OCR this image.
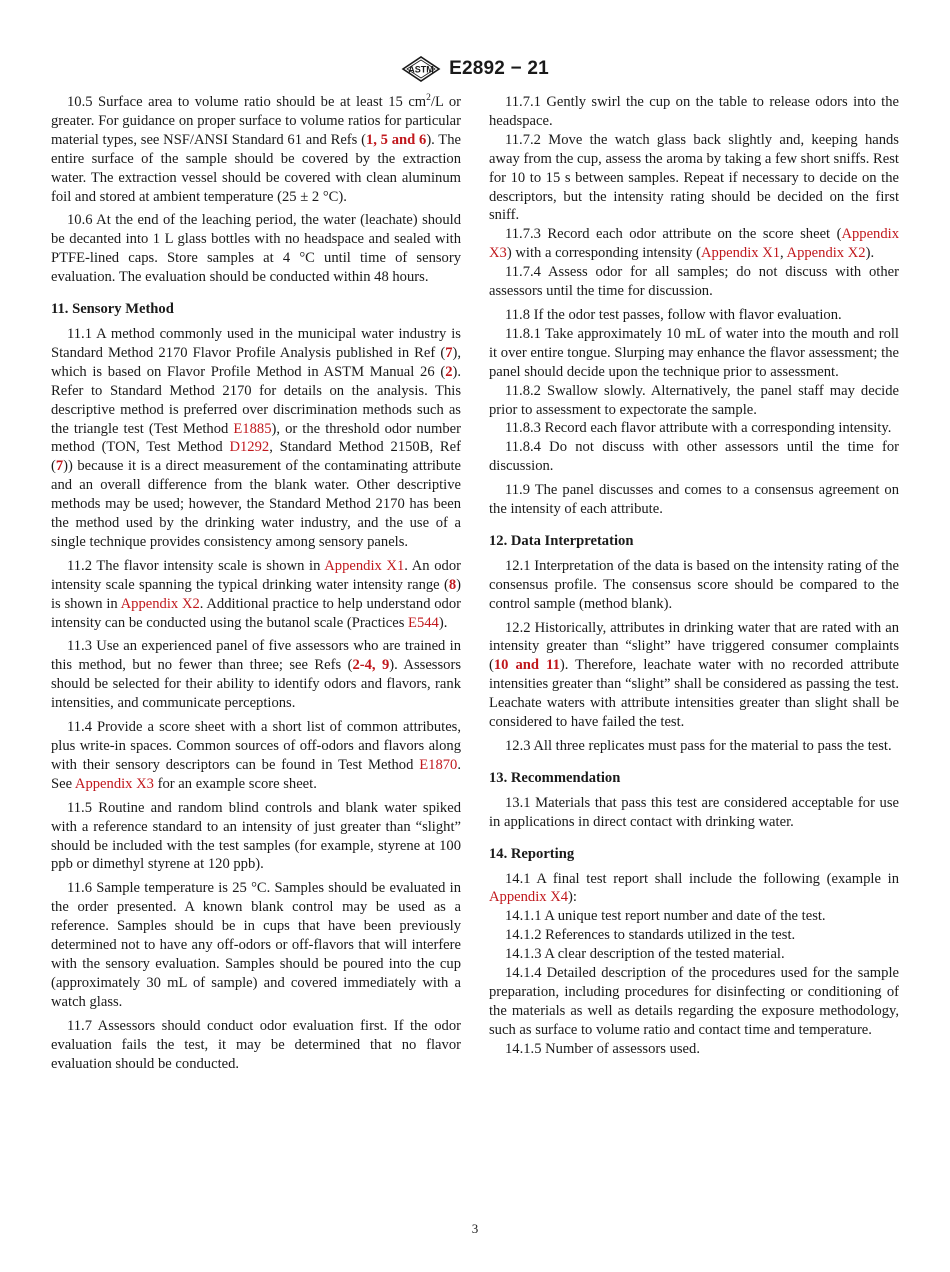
ASTM E2892 − 21

10.5 Surface area to volume ratio should be at least 15 $cm^2/L$ or greater. For guidance on proper surface to volume ratios for particular material types, see NSF/ANSI Standard 61 and Refs (1, 5 and 6). The entire surface of the sample should be covered by the extraction water. The extraction vessel should be covered with clean aluminum foil and stored at ambient temperature (25 ± 2 °C).

10.6 At the end of the leaching period, the water (leachate) should be decanted into 1 L glass bottles with no headspace and sealed with PTFE-lined caps. Store samples at 4 °C until time of sensory evaluation. The evaluation should be conducted within 48 hours.

11. Sensory Method

11.1 A method commonly used in the municipal water industry is Standard Method 2170 Flavor Profile Analysis published in Ref (7), which is based on Flavor Profile Method in ASTM Manual 26 (2). Refer to Standard Method 2170 for details on the analysis. This descriptive method is preferred over discrimination methods such as the triangle test (Test Method E1885), or the threshold odor number method (TON, Test Method D1292, Standard Method 2150B, Ref (7)) because it is a direct measurement of the contaminating attribute and an overall difference from the blank water. Other descriptive methods may be used; however, the Standard Method 2170 has been the method used by the drinking water industry, and the use of a single technique provides consistency among sensory panels.

11.2 The flavor intensity scale is shown in Appendix X1. An odor intensity scale spanning the typical drinking water intensity range (8) is shown in Appendix X2. Additional practice to help understand odor intensity can be conducted using the butanol scale (Practices E544).

11.3 Use an experienced panel of five assessors who are trained in this method, but no fewer than three; see Refs (2-4, 9). Assessors should be selected for their ability to identify odors and flavors, rank intensities, and communicate perceptions.

11.4 Provide a score sheet with a short list of common attributes, plus write-in spaces. Common sources of off-odors and flavors along with their sensory descriptors can be found in Test Method E1870. See Appendix X3 for an example score sheet.

11.5 Routine and random blind controls and blank water spiked with a reference standard to an intensity of just greater than “slight” should be included with the test samples (for example, styrene at 100 ppb or dimethyl styrene at 120 ppb).

11.6 Sample temperature is 25 °C. Samples should be evaluated in the order presented. A known blank control may be used as a reference. Samples should be in cups that have been previously determined not to have any off-odors or off-flavors that will interfere with the sensory evaluation. Samples should be poured into the cup (approximately 30 mL of sample) and covered immediately with a watch glass.

11.7 Assessors should conduct odor evaluation first. If the odor evaluation fails the test, it may be determined that no flavor evaluation should be conducted.

11.7.1 Gently swirl the cup on the table to release odors into the headspace.

11.7.2 Move the watch glass back slightly and, keeping hands away from the cup, assess the aroma by taking a few short sniffs. Rest for 10 to 15 s between samples. Repeat if necessary to decide on the descriptors, but the intensity rating should be decided on the first sniff.

11.7.3 Record each odor attribute on the score sheet (Appendix X3) with a corresponding intensity (Appendix X1, Appendix X2).

11.7.4 Assess odor for all samples; do not discuss with other assessors until the time for discussion.

11.8 If the odor test passes, follow with flavor evaluation.

11.8.1 Take approximately 10 mL of water into the mouth and roll it over entire tongue. Slurping may enhance the flavor assessment; the panel should decide upon the technique prior to assessment.

11.8.2 Swallow slowly. Alternatively, the panel staff may decide prior to assessment to expectorate the sample.

11.8.3 Record each flavor attribute with a corresponding intensity.

11.8.4 Do not discuss with other assessors until the time for discussion.

11.9 The panel discusses and comes to a consensus agreement on the intensity of each attribute.

12. Data Interpretation

12.1 Interpretation of the data is based on the intensity rating of the consensus profile. The consensus score should be compared to the control sample (method blank).

12.2 Historically, attributes in drinking water that are rated with an intensity greater than “slight” have triggered consumer complaints (10 and 11). Therefore, leachate water with no recorded attribute intensities greater than “slight” shall be considered as passing the test. Leachate waters with attribute intensities greater than slight shall be considered to have failed the test.

12.3 All three replicates must pass for the material to pass the test.

13. Recommendation

13.1 Materials that pass this test are considered acceptable for use in applications in direct contact with drinking water.

14. Reporting

14.1 A final test report shall include the following (example in Appendix X4):

14.1.1 A unique test report number and date of the test.

14.1.2 References to standards utilized in the test.

14.1.3 A clear description of the tested material.

14.1.4 Detailed description of the procedures used for the sample preparation, including procedures for disinfecting or conditioning of the materials as well as details regarding the exposure methodology, such as surface to volume ratio and contact time and temperature.

14.1.5 Number of assessors used.

3
